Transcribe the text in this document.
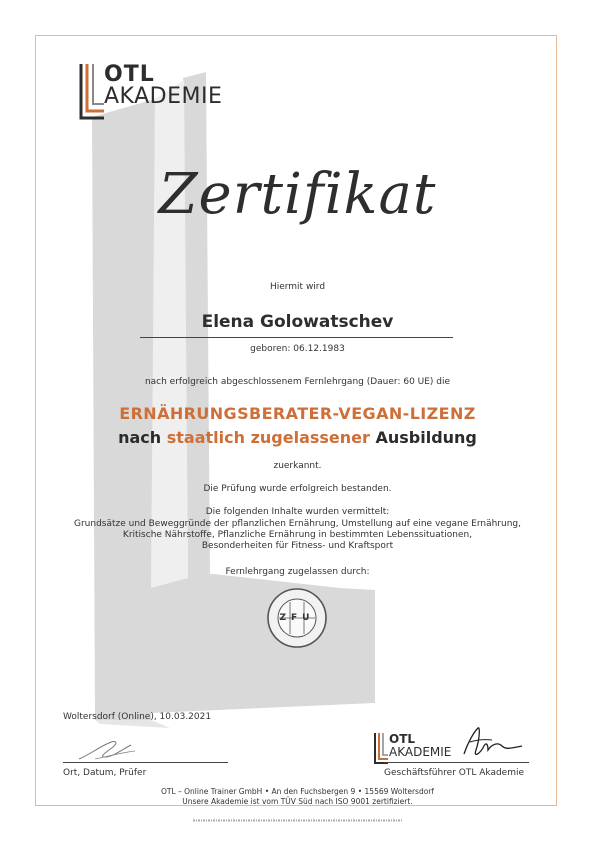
OTL
AKADEMIE
Zertifikat
Hiermit wird
Elena Golowatschev
geboren: 06.12.1983
nach erfolgreich abgeschlossenem Fernlehrgang (Dauer: 60 UE) die
ERNÄHRUNGSBERATER-VEGAN-LIZENZ
nach staatlich zugelassener Ausbildung
zuerkannt.
Die Prüfung wurde erfolgreich bestanden.
Die folgenden Inhalte wurden vermittelt:
Grundsätze und Beweggründe der pflanzlichen Ernährung, Umstellung auf eine vegane Ernährung,
Kritische Nährstoffe, Pflanzliche Ernährung in bestimmten Lebenssituationen,
Besonderheiten für Fitness- und Kraftsport
Fernlehrgang zugelassen durch:
ZFU
Woltersdorf (Online), 10.03.2021
Ort, Datum, Prüfer
OTL
AKADEMIE
Geschäftsführer OTL Akademie
OTL – Online Trainer GmbH • An den Fuchsbergen 9 • 15569 Woltersdorf
Unsere Akademie ist vom TÜV Süd nach ISO 9001 zertifiziert.
